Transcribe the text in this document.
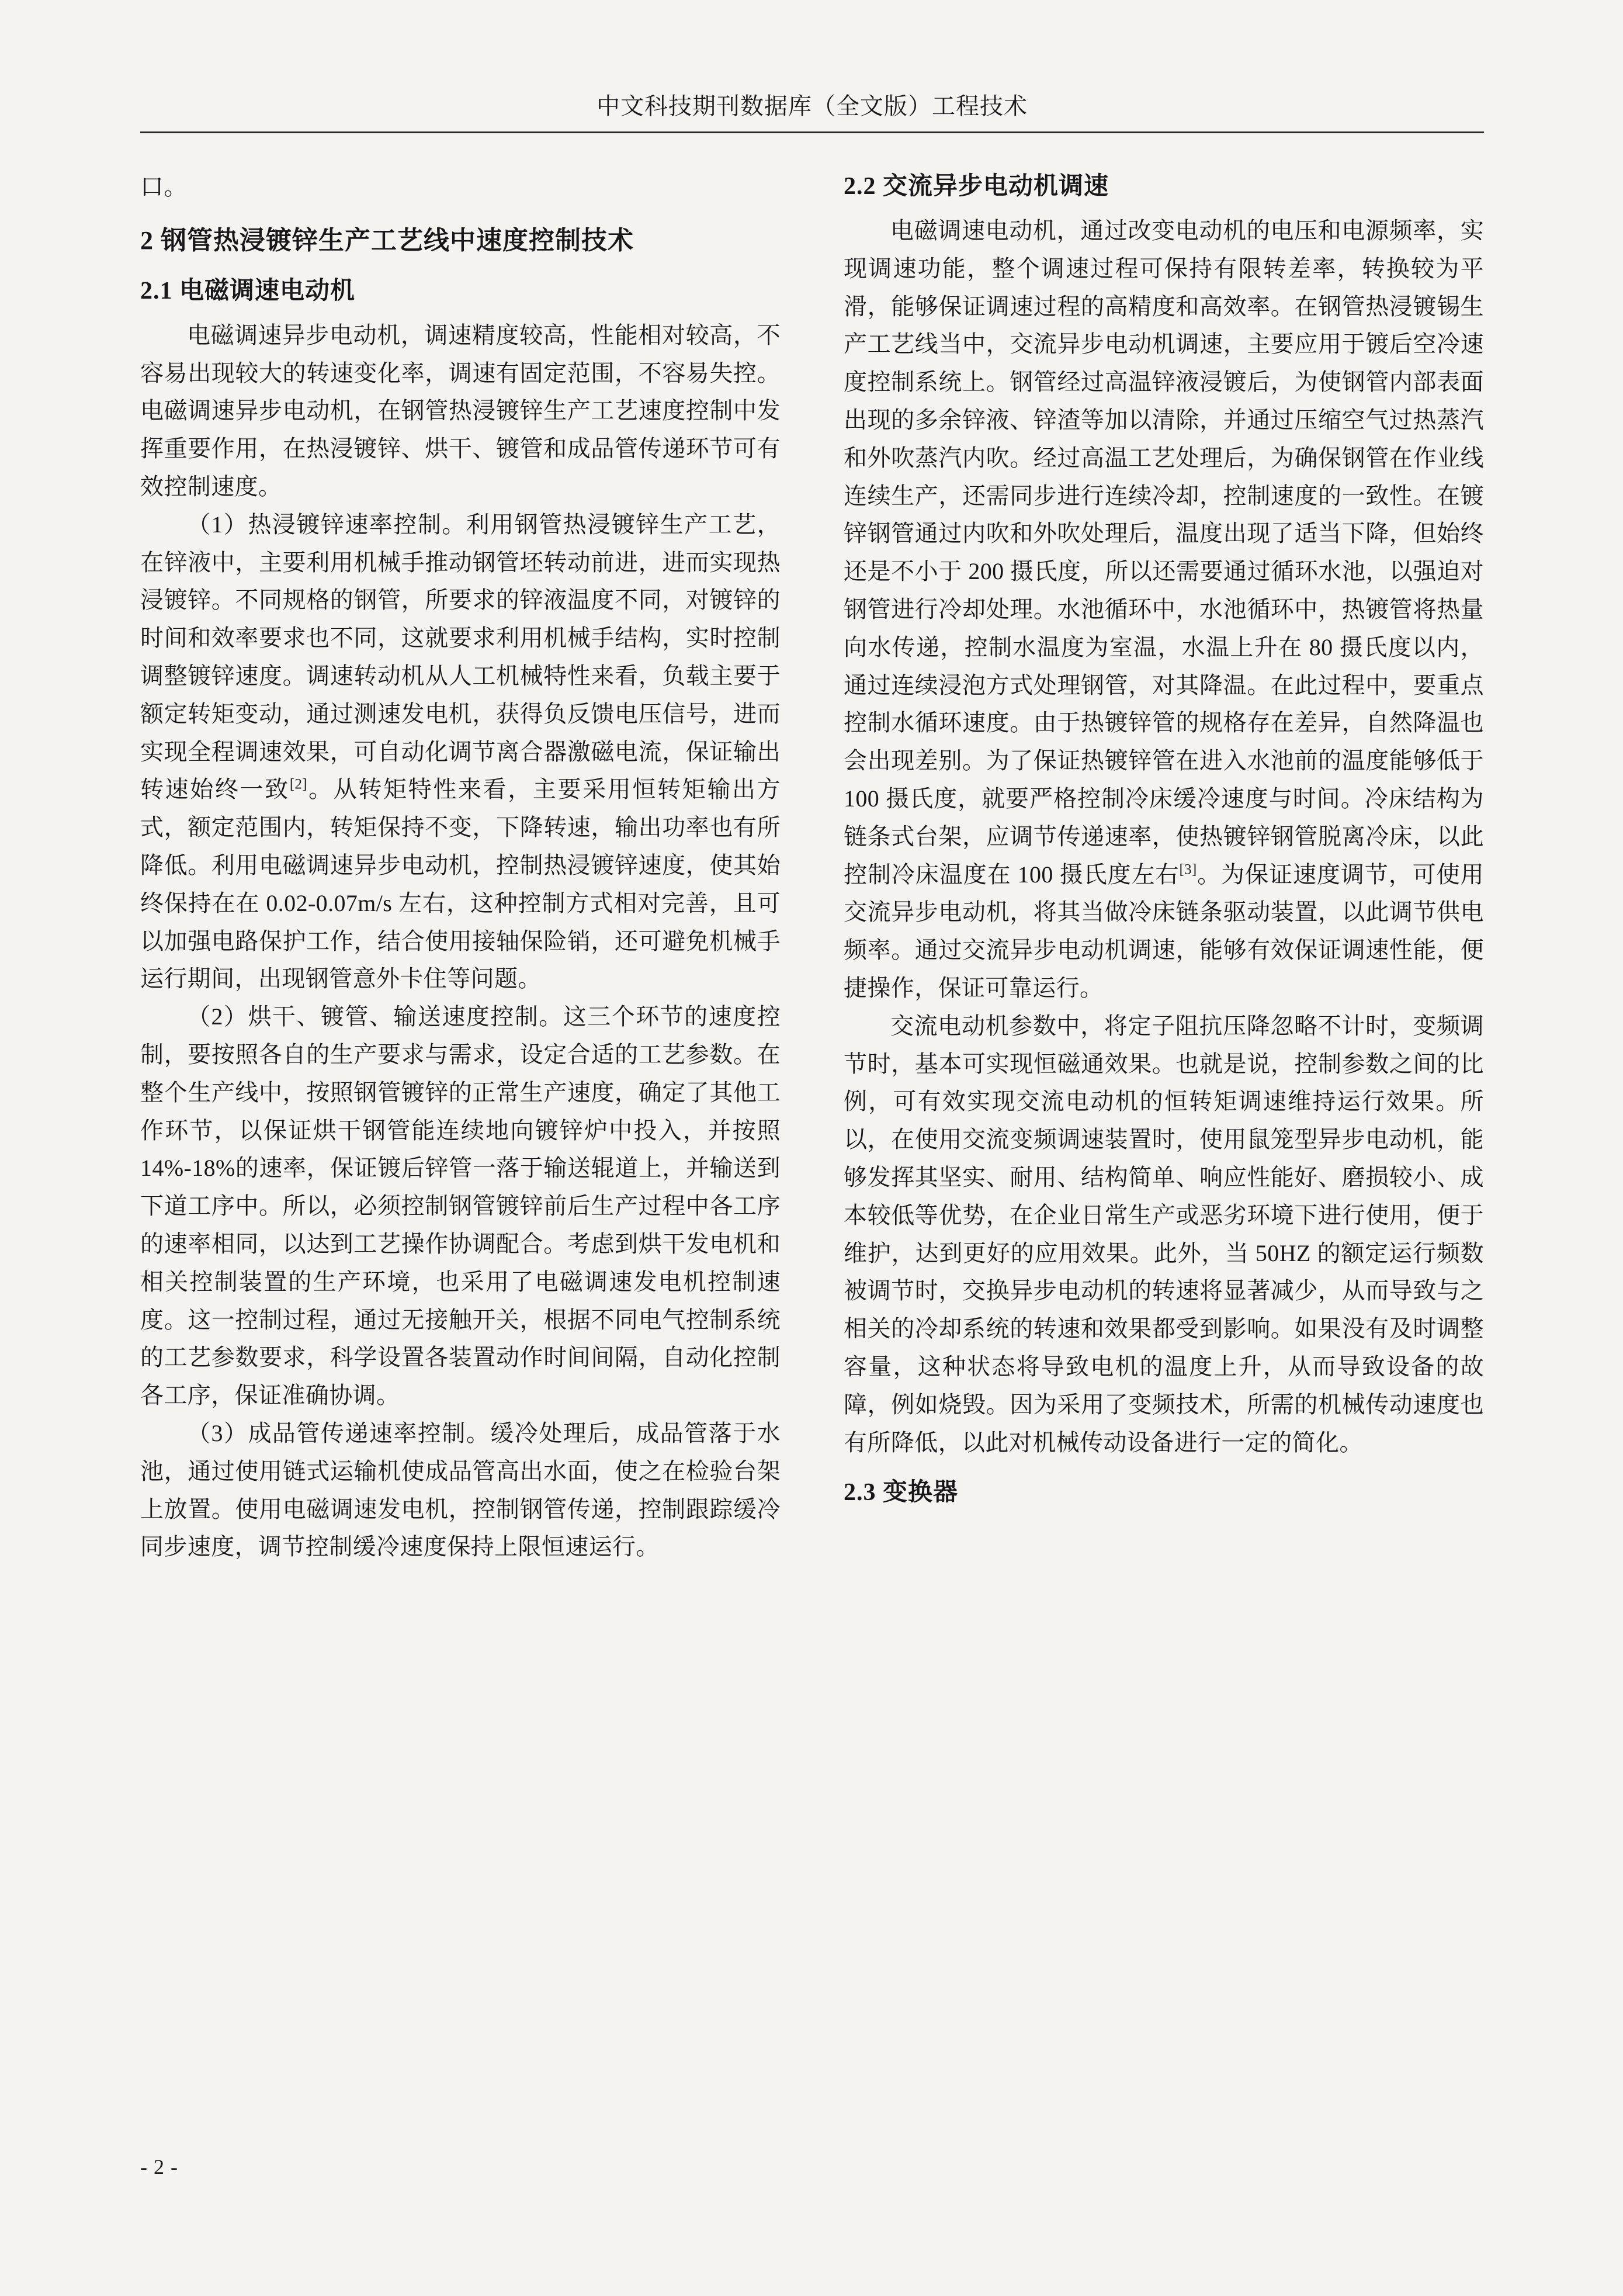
中文科技期刊数据库（全文版）工程技术

口。

2 钢管热浸镀锌生产工艺线中速度控制技术
2.1 电磁调速电动机

电磁调速异步电动机，调速精度较高，性能相对较高，不容易出现较大的转速变化率，调速有固定范围，不容易失控。电磁调速异步电动机，在钢管热浸镀锌生产工艺速度控制中发挥重要作用，在热浸镀锌、烘干、镀管和成品管传递环节可有效控制速度。

（1）热浸镀锌速率控制。利用钢管热浸镀锌生产工艺，在锌液中，主要利用机械手推动钢管坯转动前进，进而实现热浸镀锌。不同规格的钢管，所要求的锌液温度不同，对镀锌的时间和效率要求也不同，这就要求利用机械手结构，实时控制调整镀锌速度。调速转动机从人工机械特性来看，负载主要于额定转矩变动，通过测速发电机，获得负反馈电压信号，进而实现全程调速效果，可自动化调节离合器激磁电流，保证输出转速始终一致[2]。从转矩特性来看，主要采用恒转矩输出方式，额定范围内，转矩保持不变，下降转速，输出功率也有所降低。利用电磁调速异步电动机，控制热浸镀锌速度，使其始终保持在在 0.02-0.07m/s 左右，这种控制方式相对完善，且可以加强电路保护工作，结合使用接轴保险销，还可避免机械手运行期间，出现钢管意外卡住等问题。

（2）烘干、镀管、输送速度控制。这三个环节的速度控制，要按照各自的生产要求与需求，设定合适的工艺参数。在整个生产线中，按照钢管镀锌的正常生产速度，确定了其他工作环节，以保证烘干钢管能连续地向镀锌炉中投入，并按照14%-18%的速率，保证镀后锌管一落于输送辊道上，并输送到下道工序中。所以，必须控制钢管镀锌前后生产过程中各工序的速率相同，以达到工艺操作协调配合。考虑到烘干发电机和相关控制装置的生产环境，也采用了电磁调速发电机控制速度。这一控制过程，通过无接触开关，根据不同电气控制系统的工艺参数要求，科学设置各装置动作时间间隔，自动化控制各工序，保证准确协调。

（3）成品管传递速率控制。缓冷处理后，成品管落于水池，通过使用链式运输机使成品管高出水面，使之在检验台架上放置。使用电磁调速发电机，控制钢管传递，控制跟踪缓冷同步速度，调节控制缓冷速度保持上限恒速运行。

2.2 交流异步电动机调速

电磁调速电动机，通过改变电动机的电压和电源频率，实现调速功能，整个调速过程可保持有限转差率，转换较为平滑，能够保证调速过程的高精度和高效率。在钢管热浸镀锡生产工艺线当中，交流异步电动机调速，主要应用于镀后空冷速度控制系统上。钢管经过高温锌液浸镀后，为使钢管内部表面出现的多余锌液、锌渣等加以清除，并通过压缩空气过热蒸汽和外吹蒸汽内吹。经过高温工艺处理后，为确保钢管在作业线连续生产，还需同步进行连续冷却，控制速度的一致性。在镀锌钢管通过内吹和外吹处理后，温度出现了适当下降，但始终还是不小于 200 摄氏度，所以还需要通过循环水池，以强迫对钢管进行冷却处理。水池循环中，水池循环中，热镀管将热量向水传递，控制水温度为室温，水温上升在 80 摄氏度以内，通过连续浸泡方式处理钢管，对其降温。在此过程中，要重点控制水循环速度。由于热镀锌管的规格存在差异，自然降温也会出现差别。为了保证热镀锌管在进入水池前的温度能够低于 100 摄氏度，就要严格控制冷床缓冷速度与时间。冷床结构为链条式台架，应调节传递速率，使热镀锌钢管脱离冷床，以此控制冷床温度在 100 摄氏度左右[3]。为保证速度调节，可使用交流异步电动机，将其当做冷床链条驱动装置，以此调节供电频率。通过交流异步电动机调速，能够有效保证调速性能，便捷操作，保证可靠运行。

交流电动机参数中，将定子阻抗压降忽略不计时，变频调节时，基本可实现恒磁通效果。也就是说，控制参数之间的比例，可有效实现交流电动机的恒转矩调速维持运行效果。所以，在使用交流变频调速装置时，使用鼠笼型异步电动机，能够发挥其坚实、耐用、结构简单、响应性能好、磨损较小、成本较低等优势，在企业日常生产或恶劣环境下进行使用，便于维护，达到更好的应用效果。此外，当 50HZ 的额定运行频数被调节时，交换异步电动机的转速将显著减少，从而导致与之相关的冷却系统的转速和效果都受到影响。如果没有及时调整容量，这种状态将导致电机的温度上升，从而导致设备的故障，例如烧毁。因为采用了变频技术，所需的机械传动速度也有所降低，以此对机械传动设备进行一定的简化。

2.3 变换器
- 2 -
